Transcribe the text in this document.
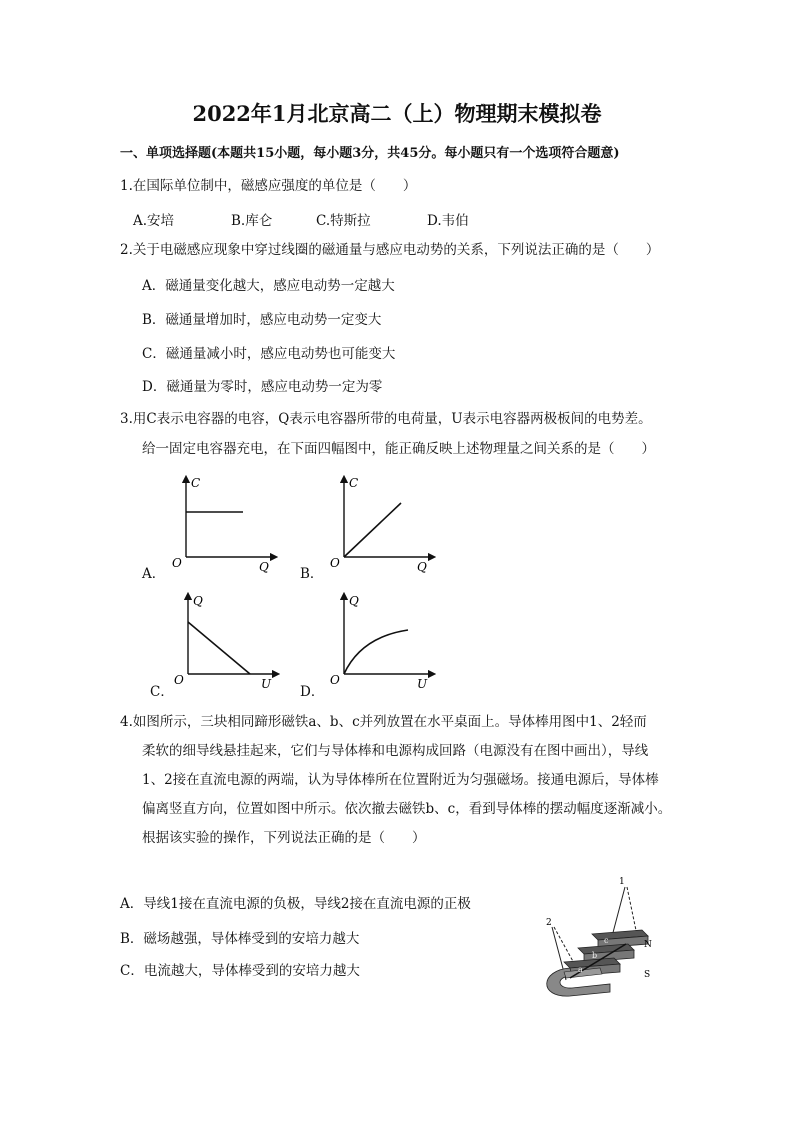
2022年1月北京高二（上）物理期末模拟卷
一、单项选择题(本题共15小题，每小题3分，共45分。每小题只有一个选项符合题意)
1.在国际单位制中，磁感应强度的单位是（　　）
A.安培	B.库仑	C.特斯拉	D.韦伯
2.关于电磁感应现象中穿过线圈的磁通量与感应电动势的关系，下列说法正确的是（　　）
A．磁通量变化越大，感应电动势一定越大
B．磁通量增加时，感应电动势一定变大
C．磁通量减小时，感应电动势也可能变大
D．磁通量为零时，感应电动势一定为零
3.用C表示电容器的电容，Q表示电容器所带的电荷量，U表示电容器两极板间的电势差。
给一固定电容器充电，在下面四幅图中，能正确反映上述物理量之间关系的是（　　）
A．
C
O	Q B．
C
O	Q
C．
Q
O	U D．
Q
O	U
4.如图所示，三块相同蹄形磁铁a、b、c并列放置在水平桌面上。导体棒用图中1、2轻而
柔软的细导线悬挂起来，它们与导体棒和电源构成回路（电源没有在图中画出），导线
1、2接在直流电源的两端，认为导体棒所在位置附近为匀强磁场。接通电源后，导体棒
偏离竖直方向，位置如图中所示。依次撤去磁铁b、c，看到导体棒的摆动幅度逐渐减小。
根据该实验的操作，下列说法正确的是（　　）
A．导线1接在直流电源的负极，导线2接在直流电源的正极
B．磁场越强，导体棒受到的安培力越大
C．电流越大，导体棒受到的安培力越大
1
2
N
S
c
b
a
